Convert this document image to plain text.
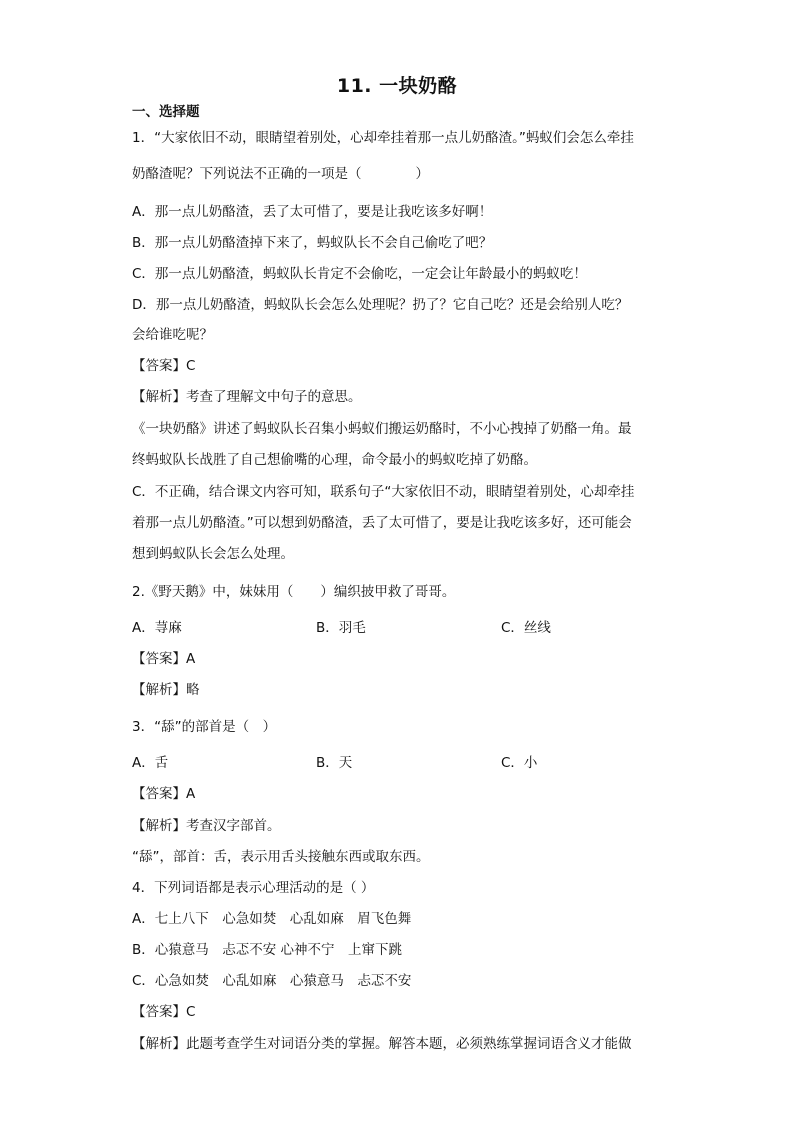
11. 一块奶酪
一、选择题
1．“大家依旧不动，眼睛望着别处，心却牵挂着那一点儿奶酪渣。”蚂蚁们会怎么牵挂
奶酪渣呢？下列说法不正确的一项是（　　　　）
A．那一点儿奶酪渣，丢了太可惜了，要是让我吃该多好啊！
B．那一点儿奶酪渣掉下来了，蚂蚁队长不会自己偷吃了吧？
C．那一点儿奶酪渣，蚂蚁队长肯定不会偷吃，一定会让年龄最小的蚂蚁吃！
D．那一点儿奶酪渣，蚂蚁队长会怎么处理呢？扔了？它自己吃？还是会给别人吃？
会给谁吃呢？
【答案】C
【解析】考查了理解文中句子的意思。
《一块奶酪》讲述了蚂蚁队长召集小蚂蚁们搬运奶酪时，不小心拽掉了奶酪一角。最
终蚂蚁队长战胜了自己想偷嘴的心理，命令最小的蚂蚁吃掉了奶酪。
C．不正确，结合课文内容可知，联系句子“大家依旧不动，眼睛望着别处，心却牵挂
着那一点儿奶酪渣。”可以想到奶酪渣，丢了太可惜了，要是让我吃该多好，还可能会
想到蚂蚁队长会怎么处理。
2.《野天鹅》中，妹妹用（　　）编织披甲救了哥哥。
A．荨麻	B．羽毛	C．丝线
【答案】A
【解析】略
3．“舔”的部首是（　）
A．舌	B．天	C．小
【答案】A
【解析】考查汉字部首。
“舔”，部首：舌，表示用舌头接触东西或取东西。
4．下列词语都是表示心理活动的是（ ）
A．七上八下　心急如焚　心乱如麻　眉飞色舞
B．心猿意马　忐忑不安 心神不宁　上窜下跳
C．心急如焚　心乱如麻　心猿意马　忐忑不安
【答案】C
【解析】此题考查学生对词语分类的掌握。解答本题，必须熟练掌握词语含义才能做
